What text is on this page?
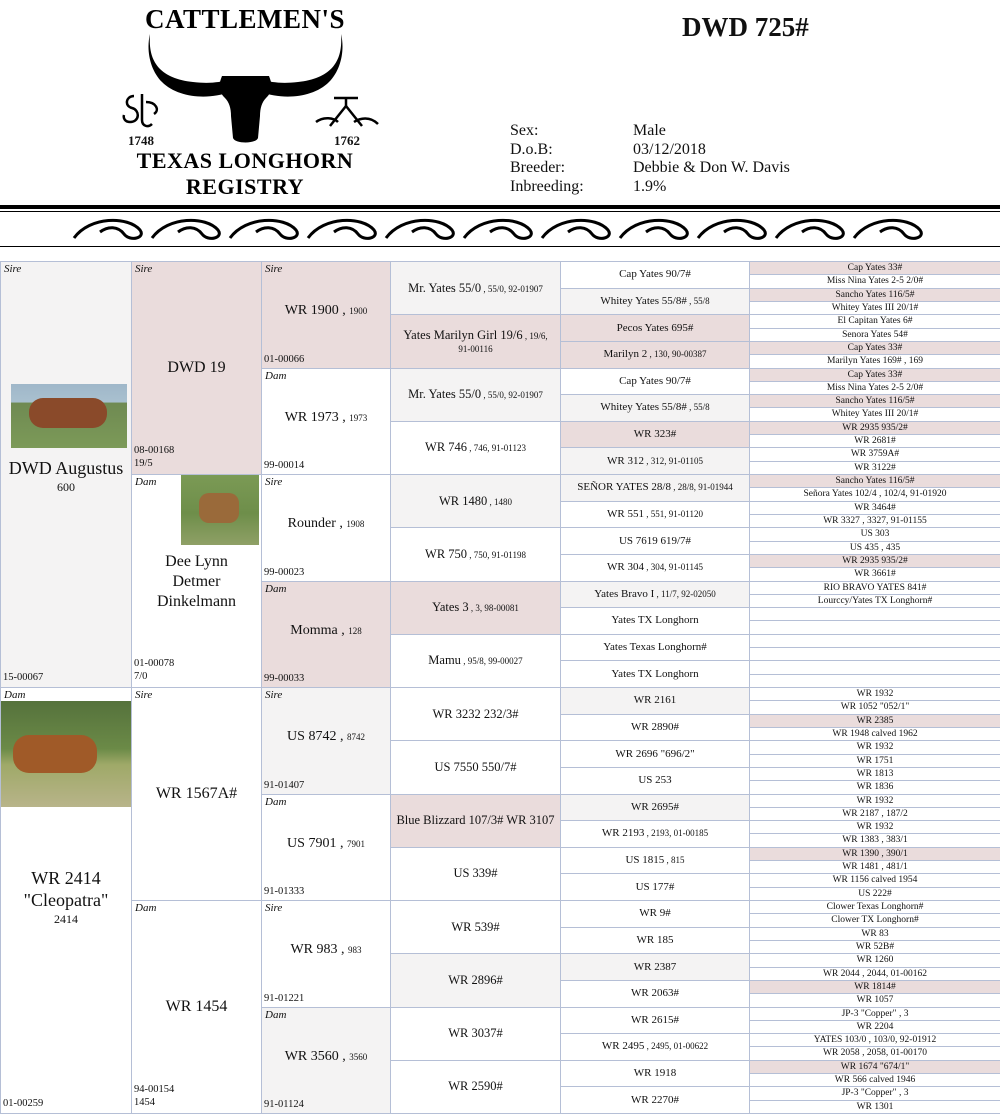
CATTLEMEN'S
1748	1762
TEXAS LONGHORN
REGISTRY
DWD 725#
Sex:
D.o.B:
Breeder:
Inbreeding:
Male
03/12/2018
Debbie & Don W. Davis
1.9%
Sire
DWD Augustus
600
15-00067
Dam
WR 2414
"Cleopatra"
2414
01-00259
Sire
DWD 19
08-00168
19/5
Dam
Dee Lynn
Detmer
Dinkelmann
01-00078
7/0
Sire
WR 1567A#
Dam
WR 1454
94-00154
1454
Sire
WR 1900 , 1900
01-00066
Dam
WR 1973 , 1973
99-00014
Sire
Rounder , 1908
99-00023
Dam
Momma , 128
99-00033
Sire
US 8742 , 8742
91-01407
Dam
US 7901 , 7901
91-01333
Sire
WR 983 , 983
91-01221
Dam
WR 3560 , 3560
91-01124
Mr. Yates 55/0 , 55/0, 92-01907
Yates Marilyn Girl 19/6 , 19/6,
91-00116
Mr. Yates 55/0 , 55/0, 92-01907
WR 746 , 746, 91-01123
WR 1480 , 1480
WR 750 , 750, 91-01198
Yates 3 , 3, 98-00081
Mamu , 95/8, 99-00027
WR 3232 232/3#
US 7550 550/7#
Blue Blizzard 107/3# WR 3107
US 339#
WR 539#
WR 2896#
WR 3037#
WR 2590#
Cap Yates 90/7#
Whitey Yates 55/8# , 55/8
Pecos Yates 695#
Marilyn 2 , 130, 90-00387
Cap Yates 90/7#
Whitey Yates 55/8# , 55/8
WR 323#
WR 312 , 312, 91-01105
SEÑOR YATES 28/8 , 28/8, 91-01944
WR 551 , 551, 91-01120
US 7619 619/7#
WR 304 , 304, 91-01145
Yates Bravo I , 11/7, 92-02050
Yates TX Longhorn
Yates Texas Longhorn#
Yates TX Longhorn
WR 2161
WR 2890#
WR 2696 "696/2"
US 253
WR 2695#
WR 2193 , 2193, 01-00185
US 1815 , 815
US 177#
WR 9#
WR 185
WR 2387
WR 2063#
WR 2615#
WR 2495 , 2495, 01-00622
WR 1918
WR 2270#
Cap Yates 33#
Miss Nina Yates 2-5 2/0#
Sancho Yates 116/5#
Whitey Yates III 20/1#
El Capitan Yates 6#
Senora Yates 54#
Cap Yates 33#
Marilyn Yates 169# , 169
Cap Yates 33#
Miss Nina Yates 2-5 2/0#
Sancho Yates 116/5#
Whitey Yates III 20/1#
WR 2935 935/2#
WR 2681#
WR 3759A#
WR 3122#
Sancho Yates 116/5#
Señora Yates 102/4 , 102/4, 91-01920
WR 3464#
WR 3327 , 3327, 91-01155
US 303
US 435 , 435
WR 2935 935/2#
WR 3661#
RIO BRAVO YATES 841#
Lourccy/Yates TX Longhorn#
WR 1932
WR 1052 "052/1"
WR 2385
WR 1948 calved 1962
WR 1932
WR 1751
WR 1813
WR 1836
WR 1932
WR 2187 , 187/2
WR 1932
WR 1383 , 383/1
WR 1390 , 390/1
WR 1481 , 481/1
WR 1156 calved 1954
US 222#
Clower Texas Longhorn#
Clower TX Longhorn#
WR 83
WR 52B#
WR 1260
WR 2044 , 2044, 01-00162
WR 1814#
WR 1057
JP-3 "Copper" , 3
WR 2204
YATES 103/0 , 103/0, 92-01912
WR 2058 , 2058, 01-00170
WR 1674 "674/1"
WR 566 calved 1946
JP-3 "Copper" , 3
WR 1301
